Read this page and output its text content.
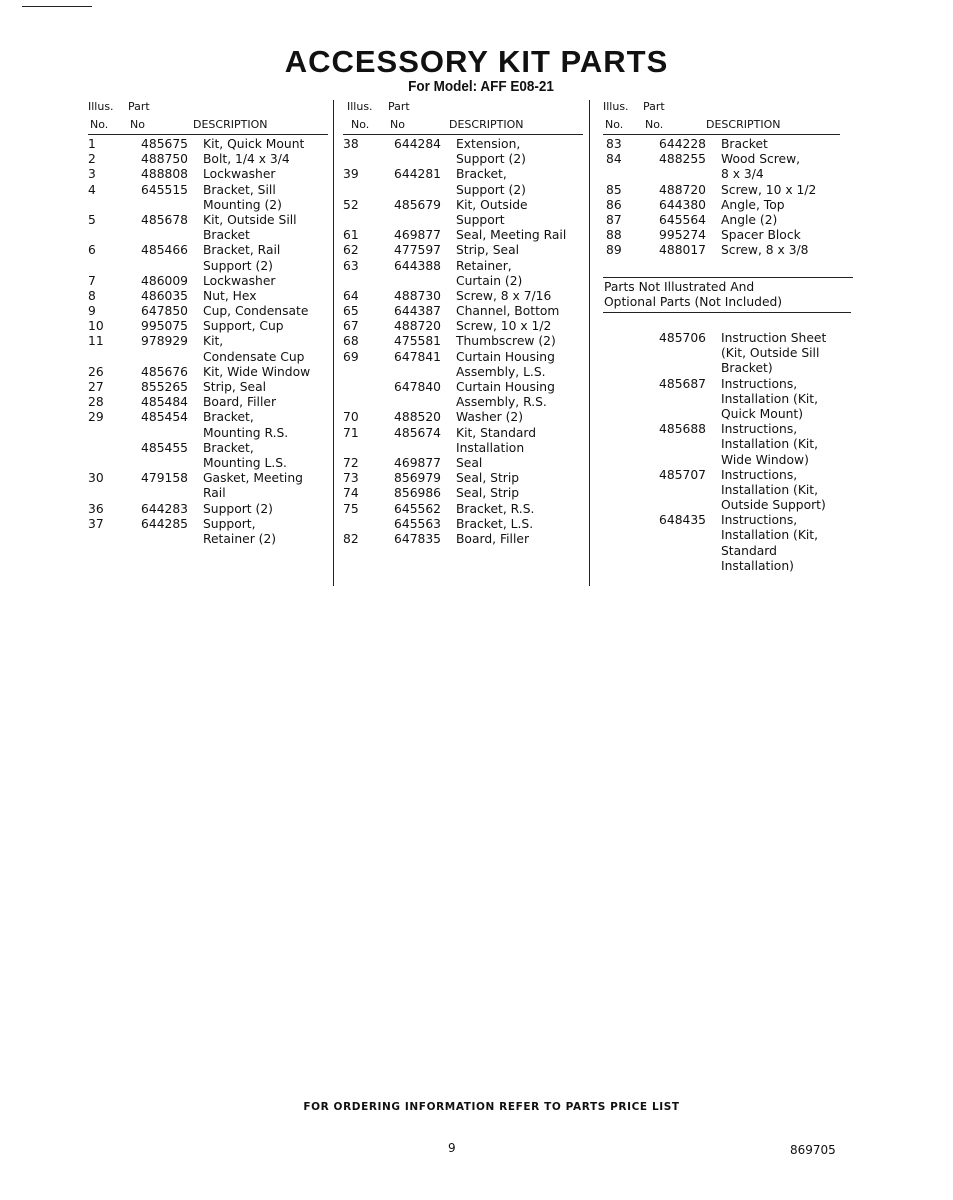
ACCESSORY KIT PARTS
For Model: AFF E08-21
Illus. Part
No. No	DESCRIPTION
1	485675 Kit, Quick Mount
2	488750 Bolt, 1/4 x 3/4
3	488808 Lockwasher
4	645515 Bracket, Sill
Mounting (2)
5	485678 Kit, Outside Sill
Bracket
6	485466 Bracket, Rail
Support (2)
7	486009 Lockwasher
8	486035 Nut, Hex
9	647850 Cup, Condensate
10	995075 Support, Cup
11	978929 Kit,
Condensate Cup
26	485676 Kit, Wide Window
27	855265 Strip, Seal
28	485484 Board, Filler
29	485454 Bracket,
Mounting R.S.
485455 Bracket,
Mounting L.S.
30	479158 Gasket, Meeting
Rail
36	644283 Support (2)
37	644285 Support,
Retainer (2)
Illus. Part
No. No	DESCRIPTION
38	644284 Extension,
Support (2)
39	644281 Bracket,
Support (2)
52	485679 Kit, Outside
Support
61	469877 Seal, Meeting Rail
62	477597 Strip, Seal
63	644388 Retainer,
Curtain (2)
64	488730 Screw, 8 x 7/16
65	644387 Channel, Bottom
67	488720 Screw, 10 x 1/2
68	475581 Thumbscrew (2)
69	647841 Curtain Housing
Assembly, L.S.
647840 Curtain Housing
Assembly, R.S.
70	488520 Washer (2)
71	485674 Kit, Standard
Installation
72	469877 Seal
73	856979 Seal, Strip
74	856986 Seal, Strip
75	645562 Bracket, R.S.
645563 Bracket, L.S.
82	647835 Board, Filler
Illus. Part
No. No.	DESCRIPTION
83	644228 Bracket
84	488255 Wood Screw,
8 x 3/4
85	488720 Screw, 10 x 1/2
86	644380 Angle, Top
87	645564 Angle (2)
88	995274 Spacer Block
89	488017 Screw, 8 x 3/8
Parts Not Illustrated And
Optional Parts (Not Included)
485706 Instruction Sheet
(Kit, Outside Sill
Bracket)
485687 Instructions,
Installation (Kit,
Quick Mount)
485688 Instructions,
Installation (Kit,
Wide Window)
485707 Instructions,
Installation (Kit,
Outside Support)
648435 Instructions,
Installation (Kit,
Standard
Installation)
FOR ORDERING INFORMATION REFER TO PARTS PRICE LIST
9	869705
